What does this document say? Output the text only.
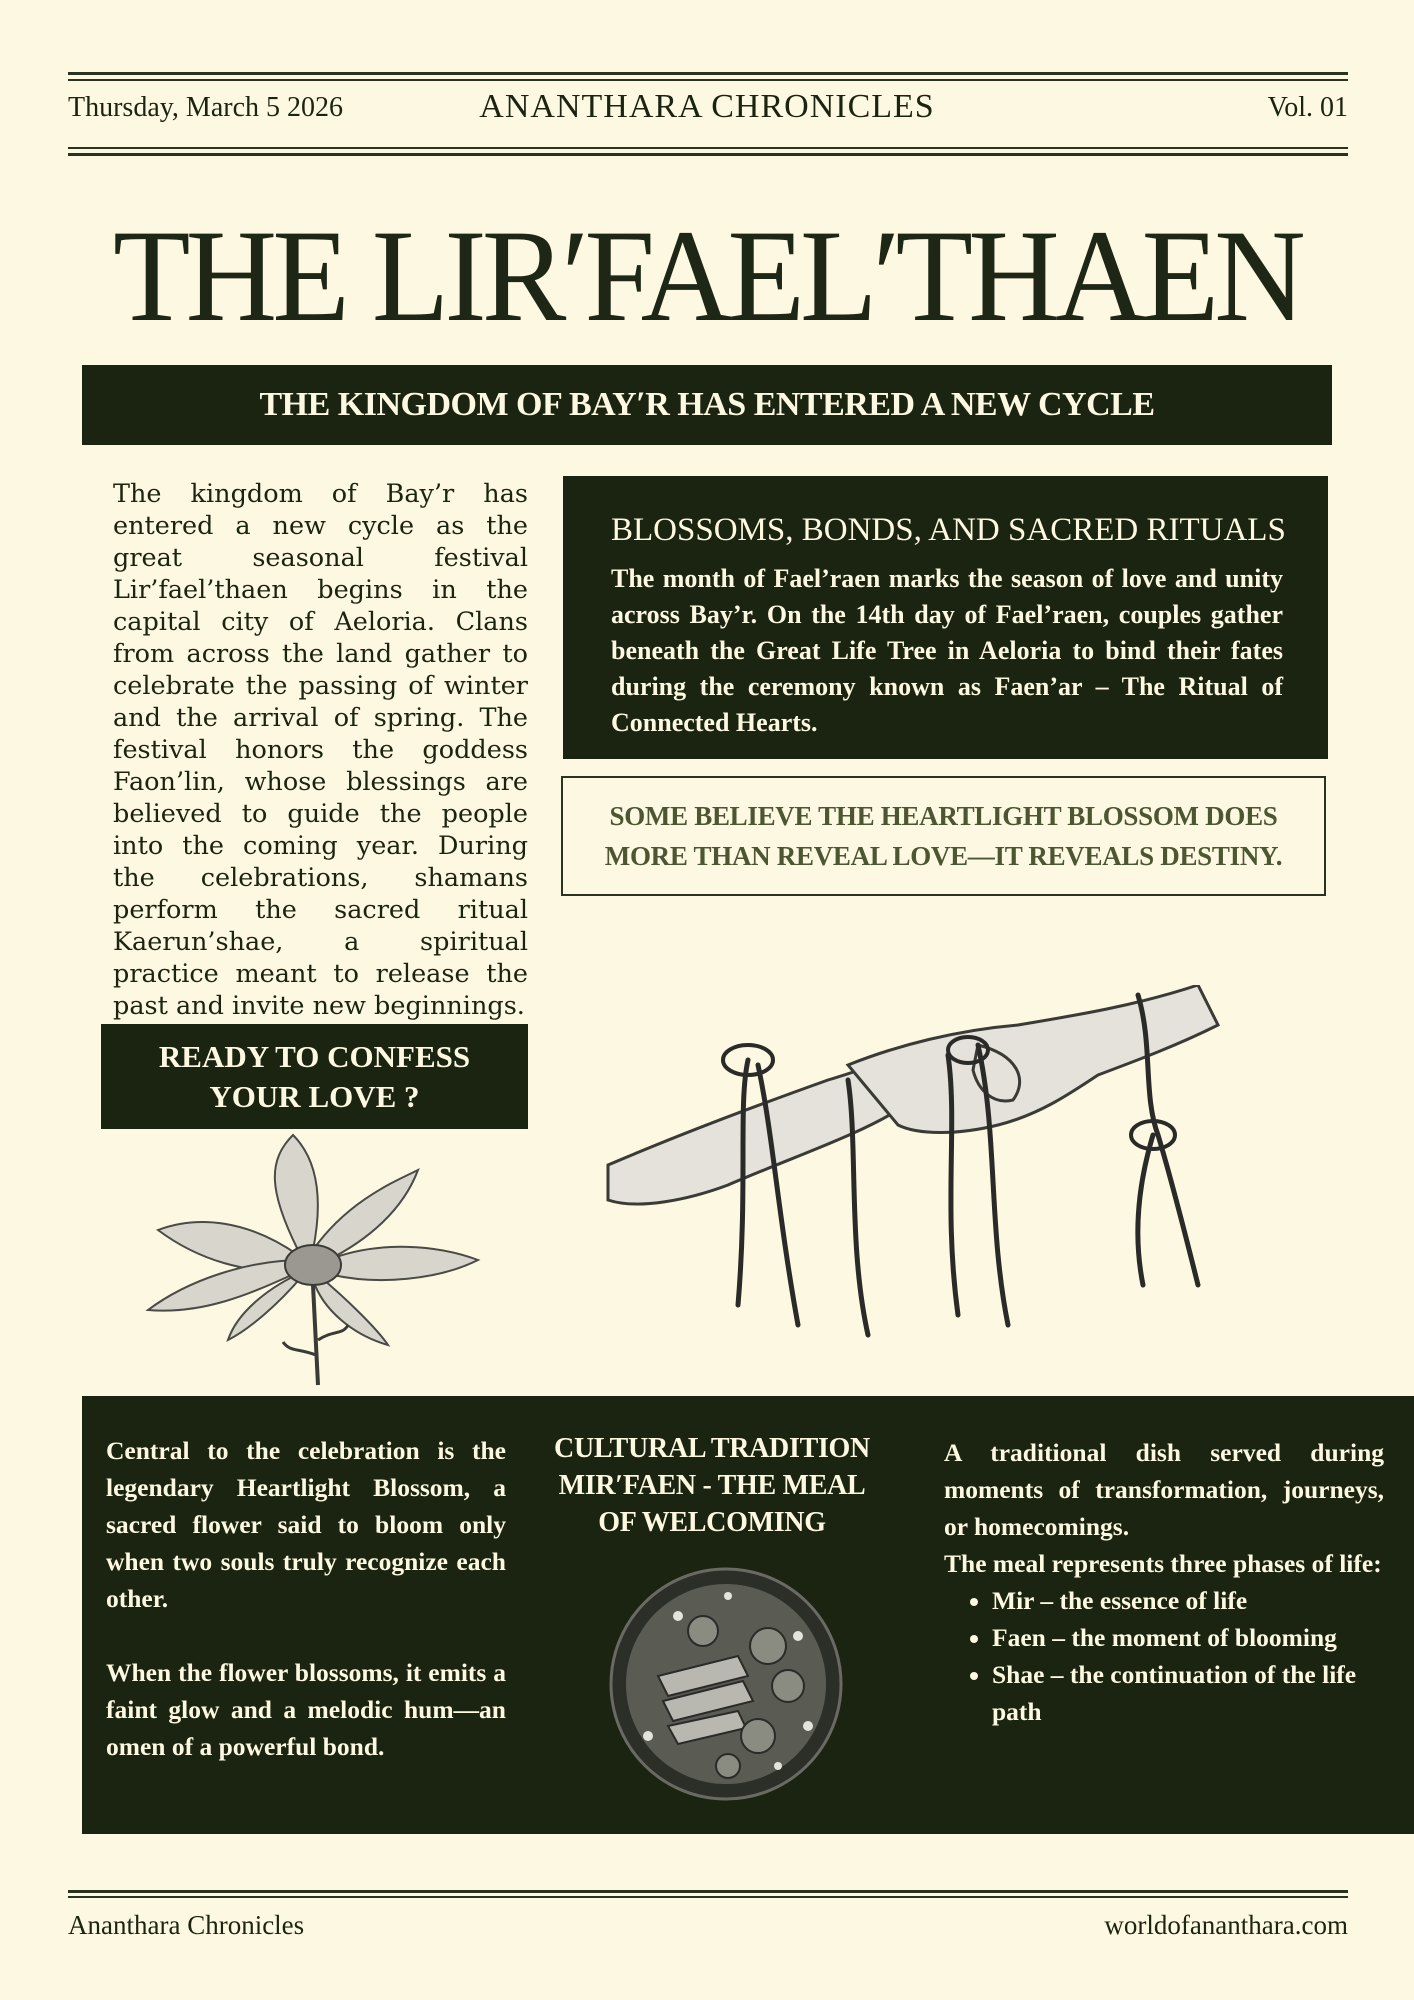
Thursday, March 5 2026	ANANTHARA CHRONICLES	Vol. 01
THE LIRʹFAELʹTHAEN
THE KINGDOM OF BAYʹR HAS ENTERED A NEW CYCLE
The kingdom of Bay’r has entered a new cycle as the great seasonal festival Lir’fael’thaen begins in the capital city of Aeloria. Clans from across the land gather to celebrate the passing of winter and the arrival of spring. The festival honors the goddess Faon’lin, whose blessings are believed to guide the people into the coming year. During the celebrations, shamans perform the sacred ritual Kaerun’shae, a spiritual practice meant to release the past and invite new beginnings.
BLOSSOMS, BONDS, AND SACRED RITUALS
The month of Fael’raen marks the season of love and unity across Bay’r. On the 14th day of Fael’raen, couples gather beneath the Great Life Tree in Aeloria to bind their fates during the ceremony known as Faen’ar – The Ritual of Connected Hearts.
SOME BELIEVE THE HEARTLIGHT BLOSSOM DOES MORE THAN REVEAL LOVE—IT REVEALS DESTINY.
READY TO CONFESS YOUR LOVE ?

Central to the celebration is the legendary Heartlight Blossom, a sacred flower said to bloom only when two souls truly recognize each other.

When the flower blossoms, it emits a faint glow and a melodic hum—an omen of a powerful bond.

CULTURAL TRADITION MIRʹFAEN - THE MEAL OF WELCOMING
A traditional dish served during moments of transformation, journeys, or homecomings.
The meal represents three phases of life:
• Mir – the essence of life
• Faen – the moment of blooming
• Shae – the continuation of the life path
Ananthara Chronicles	worldofananthara.com
